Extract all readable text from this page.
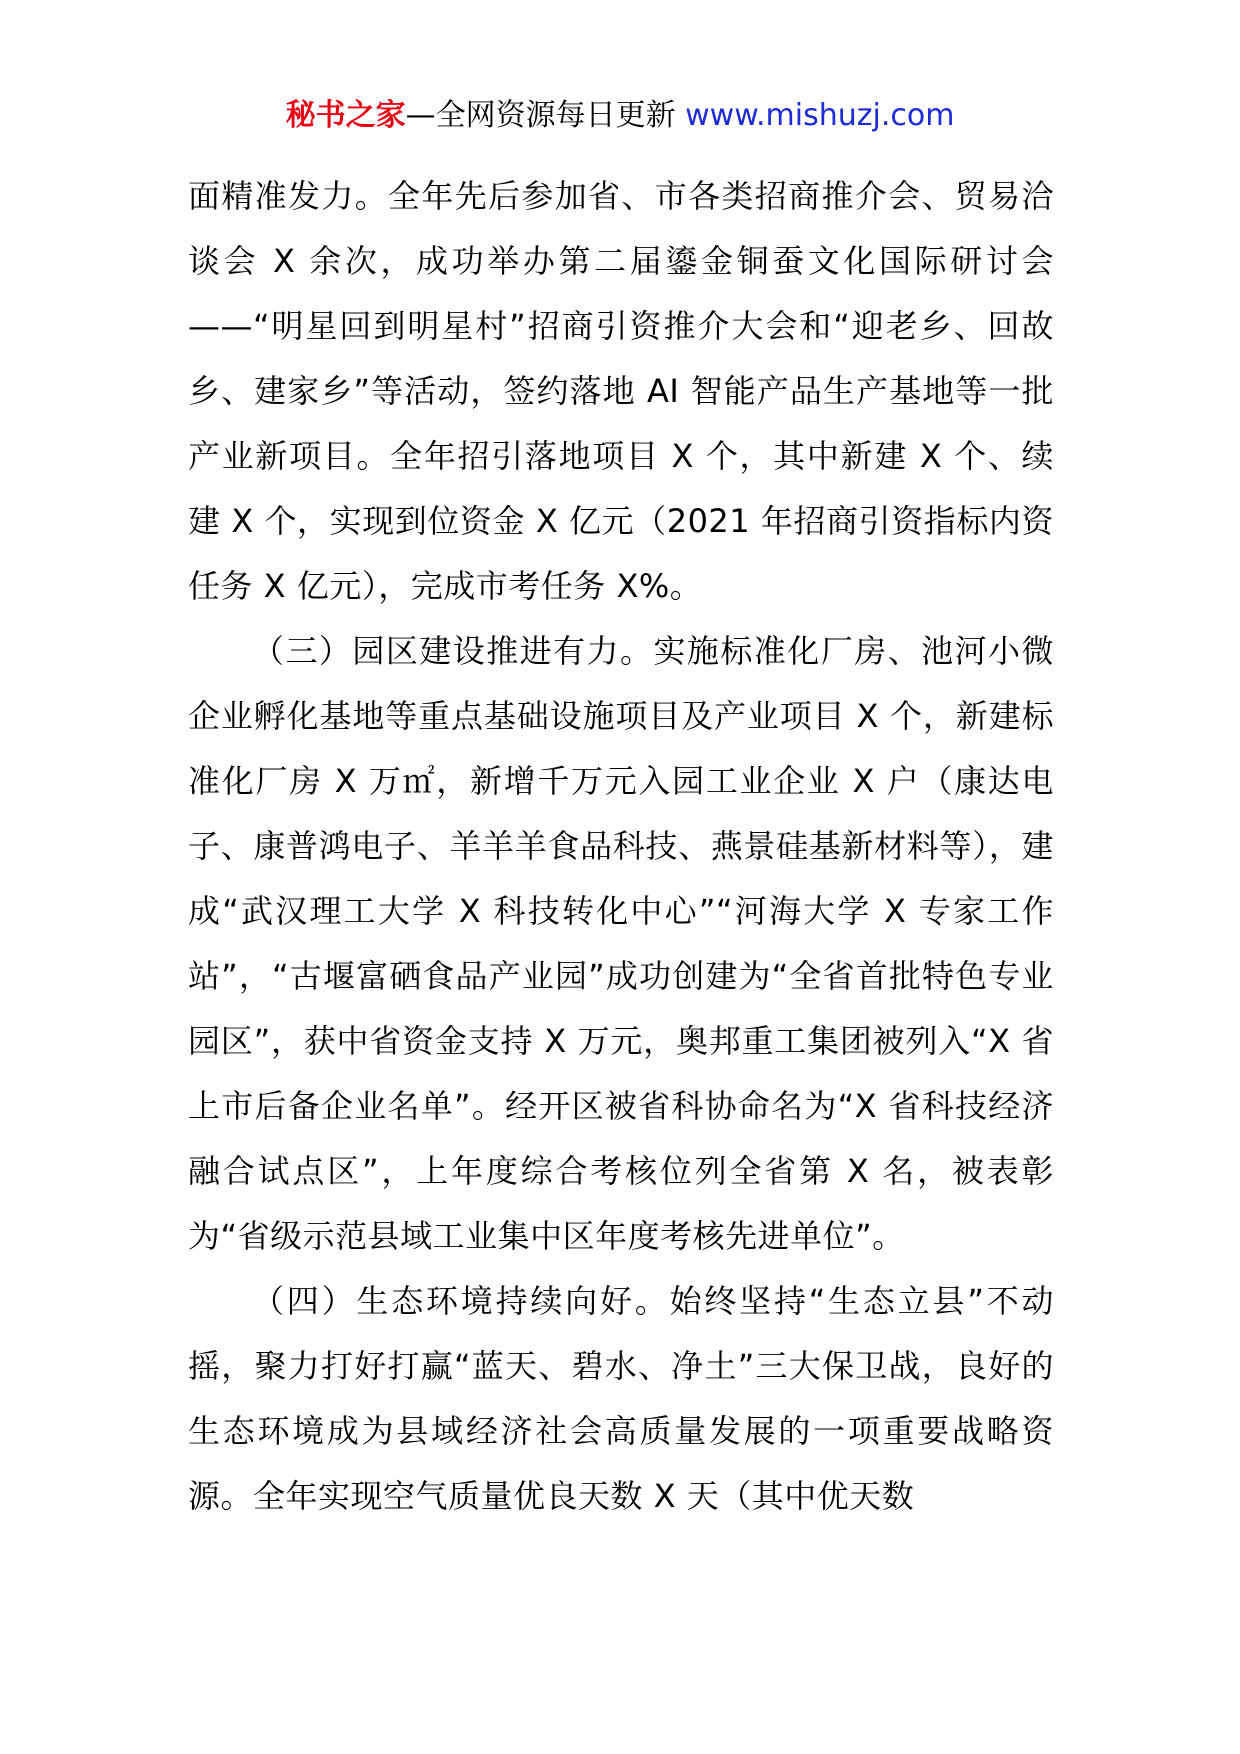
秘书之家—全网资源每日更新 www.mishuzj.com

面精准发力。全年先后参加省、市各类招商推介会、贸易洽谈会 X 余次，成功举办第二届鎏金铜蚕文化国际研讨会——“明星回到明星村”招商引资推介大会和“迎老乡、回故乡、建家乡”等活动，签约落地 AI 智能产品生产基地等一批产业新项目。全年招引落地项目 X 个，其中新建 X 个、续建 X 个，实现到位资金 X 亿元（2021 年招商引资指标内资任务 X 亿元），完成市考任务 X%。

（三）园区建设推进有力。实施标准化厂房、池河小微企业孵化基地等重点基础设施项目及产业项目 X 个，新建标准化厂房 X 万㎡，新增千万元入园工业企业 X 户（康达电子、康普鸿电子、羊羊羊食品科技、燕景硅基新材料等），建成“武汉理工大学 X 科技转化中心”“河海大学 X 专家工作站”，“古堰富硒食品产业园”成功创建为“全省首批特色专业园区”，获中省资金支持 X 万元，奥邦重工集团被列入“X 省上市后备企业名单”。经开区被省科协命名为“X 省科技经济融合试点区”，上年度综合考核位列全省第 X 名，被表彰为“省级示范县域工业集中区年度考核先进单位”。

（四）生态环境持续向好。始终坚持“生态立县”不动摇，聚力打好打赢“蓝天、碧水、净土”三大保卫战，良好的生态环境成为县域经济社会高质量发展的一项重要战略资源。全年实现空气质量优良天数 X 天（其中优天数
